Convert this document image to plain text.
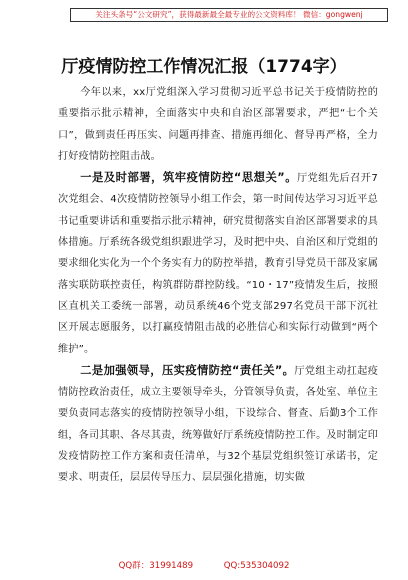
关注头条号“公文研究”，获得最新最全最专业的公文资料库！ 微信：gongwenj
厅疫情防控工作情况汇报（1774字）

今年以来，xx厅党组深入学习贯彻习近平总书记关于疫情防控的重要指示批示精神，全面落实中央和自治区部署要求，严把“七个关口”，做到责任再压实、问题再排查、措施再细化、督导再严格，全力打好疫情防控阻击战。

一是及时部署，筑牢疫情防控“思想关”。厅党组先后召开7次党组会、4次疫情防控领导小组工作会，第一时间传达学习习近平总书记重要讲话和重要指示批示精神，研究贯彻落实自治区部署要求的具体措施。厅系统各级党组织跟进学习，及时把中央、自治区和厅党组的要求细化实化为一个个务实有力的防控举措，教育引导党员干部及家属落实联防联控责任，构筑群防群控防线。“10・17”疫情发生后，按照区直机关工委统一部署，动员系统46个党支部297名党员干部下沉社区开展志愿服务，以打赢疫情阻击战的必胜信心和实际行动做到“两个维护”。

二是加强领导，压实疫情防控“责任关”。厅党组主动扛起疫情防控政治责任，成立主要领导牵头，分管领导负责，各处室、单位主要负责同志落实的疫情防控领导小组，下设综合、督查、后勤3个工作组，各司其职、各尽其责，统筹做好厅系统疫情防控工作。及时制定印发疫情防控工作方案和责任清单，与32个基层党组织签订承诺书，定要求、明责任，层层传导压力、层层强化措施，切实做

QQ群：31991489	QQ:535304092
